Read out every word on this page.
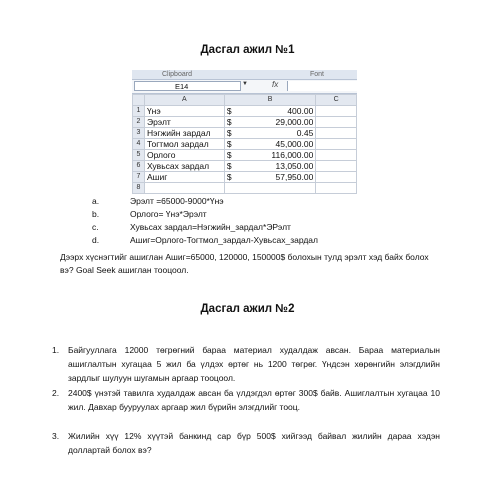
Дасгал ажил №1
Clipboard	Font
E14	▼	fx
	A	B	C
1	Үнэ	$ 400.00	

2	Эрэлт	$ 29,000.00	

3	Нэгжийн зардал	$ 0.45	

4	Тогтмол зардал	$ 45,000.00	

5	Орлого	$ 116,000.00	

6	Хувьсах зардал	$ 13,050.00	

7	Ашиг	$ 57,950.00	

8		

a.	Эрэлт =65000-9000*Үнэ
b.	Орлого= Үнэ*Эрэлт
c.	Хувьсах зардал=Нэгжийн_зардал*ЭРэлт
d.	Ашиг=Орлого-Тогтмол_зардал-Хувьсах_зардал
Дээрх хүснэгтийг ашиглан Ашиг=65000, 120000, 150000$ болохын тулд эрэлт хэд байх болох вэ? Goal Seek ашиглан тооцоол.
Дасгал ажил №2
1. Байгууллага 12000 төгрөгний бараа материал худалдаж авсан. Бараа материалын ашиглалтын хугацаа 5 жил ба үлдэх өртөг нь 1200 төгрөг. Үндсэн хөрөнгийн элэгдлийн зардлыг шулуун шугамын аргаар тооцоол.
2. 2400$ үнэтэй тавилга худалдаж авсан ба үлдэгдэл өртөг 300$ байв. Ашиглалтын хугацаа 10 жил. Давхар бууруулах аргаар жил бүрийн элэгдлийг тооц.
3. Жилийн хүү 12% хүүтэй банкинд сар бүр 500$ хийгээд байвал жилийн дараа хэдэн доллартай болох вэ?
